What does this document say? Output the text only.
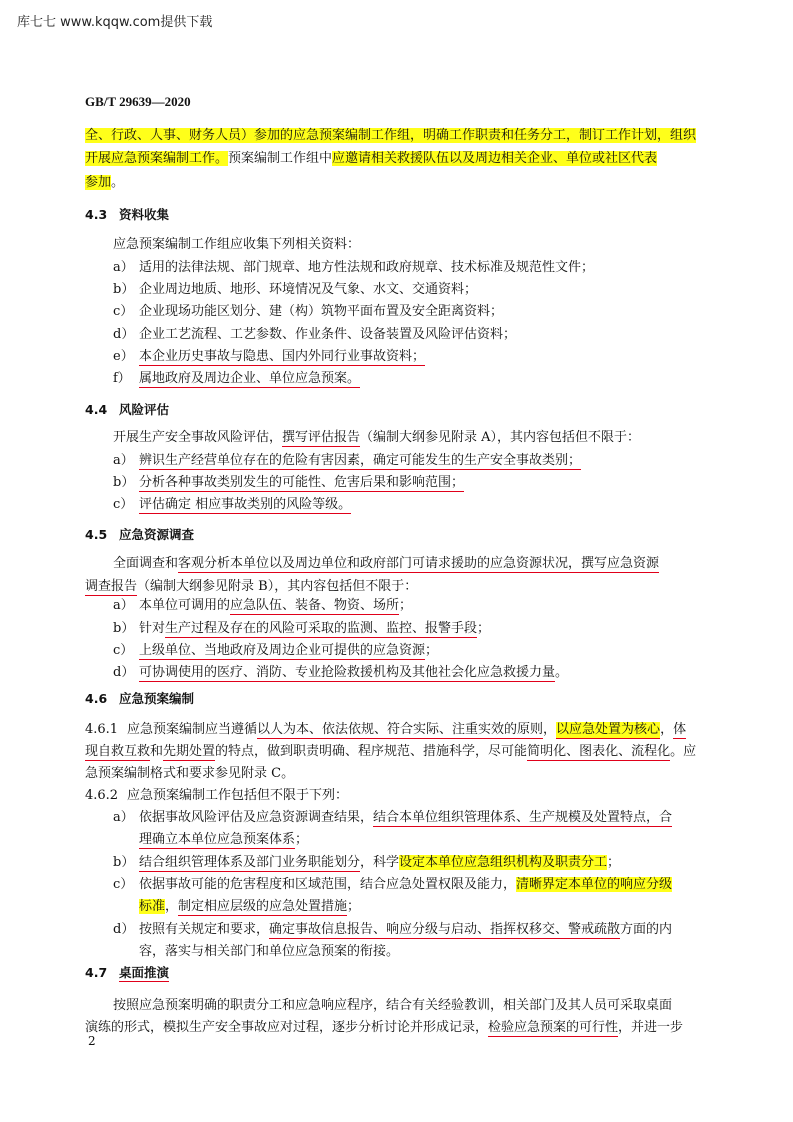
库七七 www.kqqw.com提供下载
GB/T 29639—2020
全、行政、人事、财务人员）参加的应急预案编制工作组，明确工作职责和任务分工，制订工作计划，组织
开展应急预案编制工作。预案编制工作组中应邀请相关救援队伍以及周边相关企业、单位或社区代表
参加。
4.3 资料收集
应急预案编制工作组应收集下列相关资料：
a） 适用的法律法规、部门规章、地方性法规和政府规章、技术标准及规范性文件；
b） 企业周边地质、地形、环境情况及气象、水文、交通资料；
c） 企业现场功能区划分、建（构）筑物平面布置及安全距离资料；
d） 企业工艺流程、工艺参数、作业条件、设备装置及风险评估资料；
e） 本企业历史事故与隐患、国内外同行业事故资料；
f） 属地政府及周边企业、单位应急预案。
4.4 风险评估
开展生产安全事故风险评估，撰写评估报告（编制大纲参见附录 A），其内容包括但不限于：
a） 辨识生产经营单位存在的危险有害因素，确定可能发生的生产安全事故类别；
b） 分析各种事故类别发生的可能性、危害后果和影响范围；
c） 评估确定 相应事故类别的风险等级。
4.5 应急资源调查
全面调查和客观分析本单位以及周边单位和政府部门可请求援助的应急资源状况，撰写应急资源
调查报告（编制大纲参见附录 B），其内容包括但不限于：
a） 本单位可调用的应急队伍、装备、物资、场所；
b） 针对生产过程及存在的风险可采取的监测、监控、报警手段；
c） 上级单位、当地政府及周边企业可提供的应急资源；
d） 可协调使用的医疗、消防、专业抢险救援机构及其他社会化应急救援力量。
4.6 应急预案编制
4.6.1 应急预案编制应当遵循以人为本、依法依规、符合实际、注重实效的原则，以应急处置为核心，体
现自救互救和先期处置的特点，做到职责明确、程序规范、措施科学，尽可能简明化、图表化、流程化。应
急预案编制格式和要求参见附录 C。
4.6.2 应急预案编制工作包括但不限于下列：
a） 依据事故风险评估及应急资源调查结果，结合本单位组织管理体系、生产规模及处置特点，合
理确立本单位应急预案体系；
b） 结合组织管理体系及部门业务职能划分，科学设定本单位应急组织机构及职责分工；
c） 依据事故可能的危害程度和区域范围，结合应急处置权限及能力，清晰界定本单位的响应分级
标准，制定相应层级的应急处置措施；
d） 按照有关规定和要求，确定事故信息报告、响应分级与启动、指挥权移交、警戒疏散方面的内
容，落实与相关部门和单位应急预案的衔接。
4.7 桌面推演
按照应急预案明确的职责分工和应急响应程序，结合有关经验教训，相关部门及其人员可采取桌面
演练的形式，模拟生产安全事故应对过程，逐步分析讨论并形成记录，检验应急预案的可行性，并进一步
2
